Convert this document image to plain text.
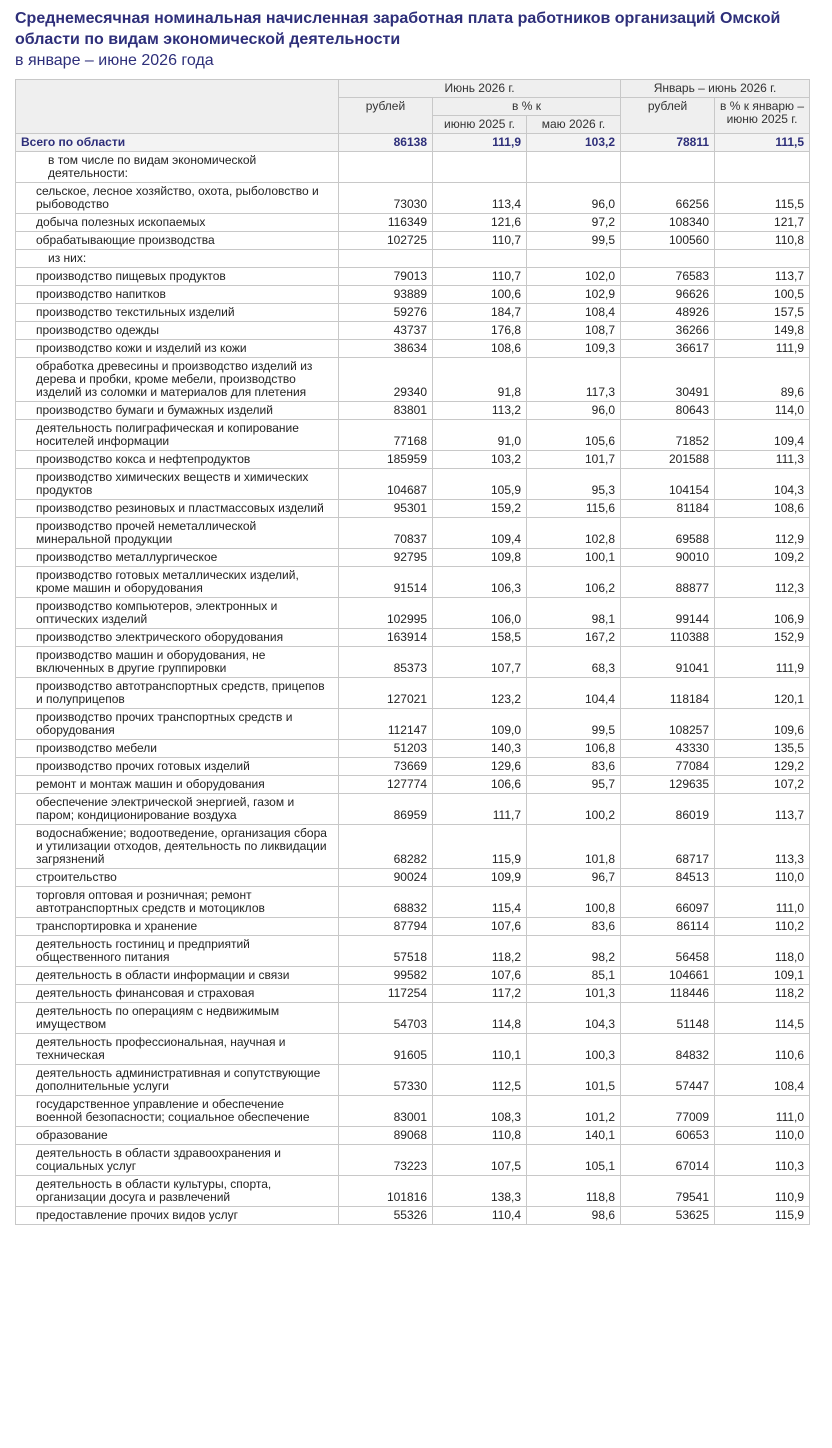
Среднемесячная номинальная начисленная заработная плата работников организаций Омской области по видам экономической деятельности
в январе – июне 2026 года
	Июнь 2026 г.			Январь – июнь 2026 г.	
	рублей	в % к		рублей	в % к январю – июню 2025 г.
		июню 2025 г.	маю 2026 г.		
Всего по области	86138	111,9	103,2	78811	111,5
в том числе по видам экономической деятельности:					
сельское, лесное хозяйство, охота, рыболовство и рыбоводство	73030	113,4	96,0	66256	115,5
добыча полезных ископаемых	116349	121,6	97,2	108340	121,7
обрабатывающие производства	102725	110,7	99,5	100560	110,8
из них:					
производство пищевых продуктов	79013	110,7	102,0	76583	113,7
производство напитков	93889	100,6	102,9	96626	100,5
производство текстильных изделий	59276	184,7	108,4	48926	157,5
производство одежды	43737	176,8	108,7	36266	149,8
производство кожи и изделий из кожи	38634	108,6	109,3	36617	111,9
обработка древесины и производство изделий из дерева и пробки, кроме мебели, производство изделий из соломки и материалов для плетения	29340	91,8	117,3	30491	89,6
производство бумаги и бумажных изделий	83801	113,2	96,0	80643	114,0
деятельность полиграфическая и копирование носителей информации	77168	91,0	105,6	71852	109,4
производство кокса и нефтепродуктов	185959	103,2	101,7	201588	111,3
производство химических веществ и химических продуктов	104687	105,9	95,3	104154	104,3
производство резиновых и пластмассовых изделий	95301	159,2	115,6	81184	108,6
производство прочей неметаллической минеральной продукции	70837	109,4	102,8	69588	112,9
производство металлургическое	92795	109,8	100,1	90010	109,2
производство готовых металлических изделий, кроме машин и оборудования	91514	106,3	106,2	88877	112,3
производство компьютеров, электронных и оптических изделий	102995	106,0	98,1	99144	106,9
производство электрического оборудования	163914	158,5	167,2	110388	152,9
производство машин и оборудования, не включенных в другие группировки	85373	107,7	68,3	91041	111,9
производство автотранспортных средств, прицепов и полуприцепов	127021	123,2	104,4	118184	120,1
производство прочих транспортных средств и оборудования	112147	109,0	99,5	108257	109,6
производство мебели	51203	140,3	106,8	43330	135,5
производство прочих готовых изделий	73669	129,6	83,6	77084	129,2
ремонт и монтаж машин и оборудования	127774	106,6	95,7	129635	107,2
обеспечение электрической энергией, газом и паром; кондиционирование воздуха	86959	111,7	100,2	86019	113,7
водоснабжение; водоотведение, организация сбора и утилизации отходов, деятельность по ликвидации загрязнений	68282	115,9	101,8	68717	113,3
строительство	90024	109,9	96,7	84513	110,0
торговля оптовая и розничная; ремонт автотранспортных средств и мотоциклов	68832	115,4	100,8	66097	111,0
транспортировка и хранение	87794	107,6	83,6	86114	110,2
деятельность гостиниц и предприятий общественного питания	57518	118,2	98,2	56458	118,0
деятельность в области информации и связи	99582	107,6	85,1	104661	109,1
деятельность финансовая и страховая	117254	117,2	101,3	118446	118,2
деятельность по операциям с недвижимым имуществом	54703	114,8	104,3	51148	114,5
деятельность профессиональная, научная и техническая	91605	110,1	100,3	84832	110,6
деятельность административная и сопутствующие дополнительные услуги	57330	112,5	101,5	57447	108,4
государственное управление и обеспечение военной безопасности; социальное обеспечение	83001	108,3	101,2	77009	111,0
образование	89068	110,8	140,1	60653	110,0
деятельность в области здравоохранения и социальных услуг	73223	107,5	105,1	67014	110,3
деятельность в области культуры, спорта, организации досуга и развлечений	101816	138,3	118,8	79541	110,9
предоставление прочих видов услуг	55326	110,4	98,6	53625	115,9
